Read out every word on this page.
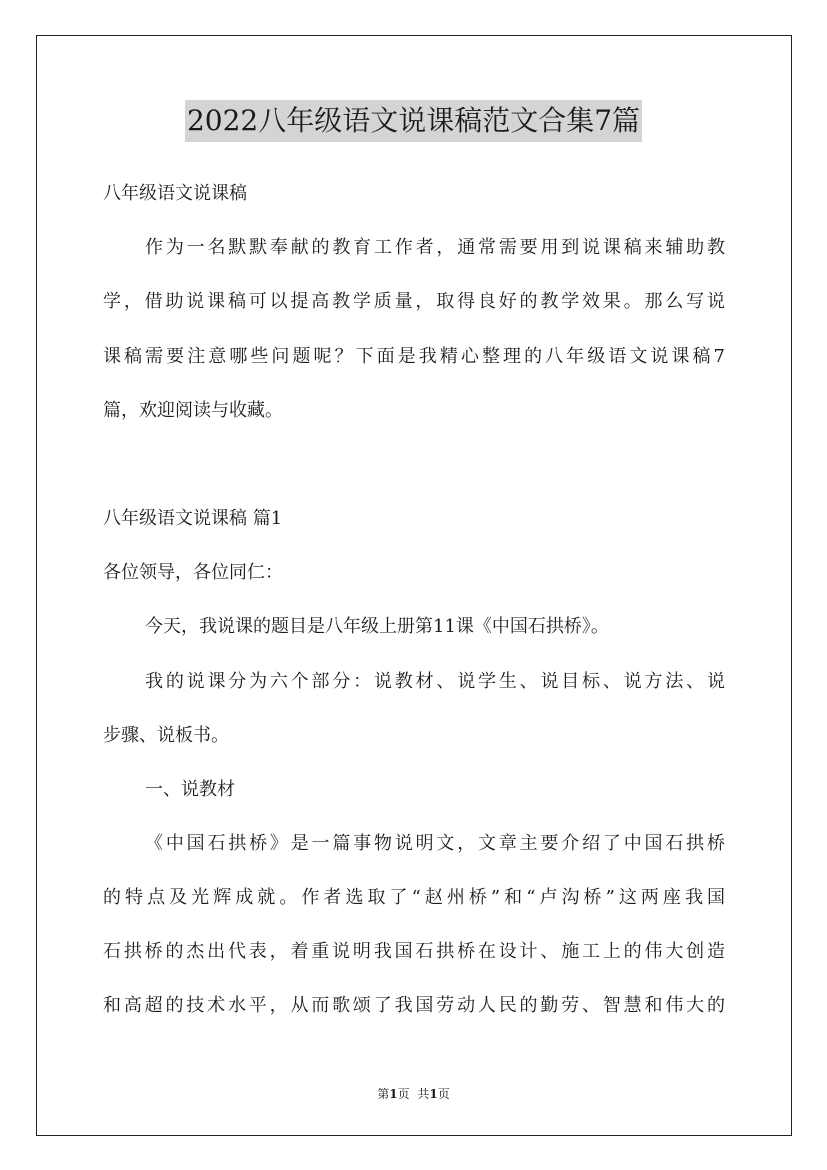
2022八年级语文说课稿范文合集7篇
八年级语文说课稿
作为一名默默奉献的教育工作者，通常需要用到说课稿来辅助教
学，借助说课稿可以提高教学质量，取得良好的教学效果。那么写说
课稿需要注意哪些问题呢？下面是我精心整理的八年级语文说课稿7
篇，欢迎阅读与收藏。
八年级语文说课稿 篇1
各位领导，各位同仁：
今天，我说课的题目是八年级上册第11课《中国石拱桥》。
我的说课分为六个部分：说教材、说学生、说目标、说方法、说
步骤、说板书。
一、说教材
《中国石拱桥》是一篇事物说明文，文章主要介绍了中国石拱桥
的特点及光辉成就。作者选取了“赵州桥”和“卢沟桥”这两座我国
石拱桥的杰出代表，着重说明我国石拱桥在设计、施工上的伟大创造
和高超的技术水平，从而歌颂了我国劳动人民的勤劳、智慧和伟大的
第1页 共1页
